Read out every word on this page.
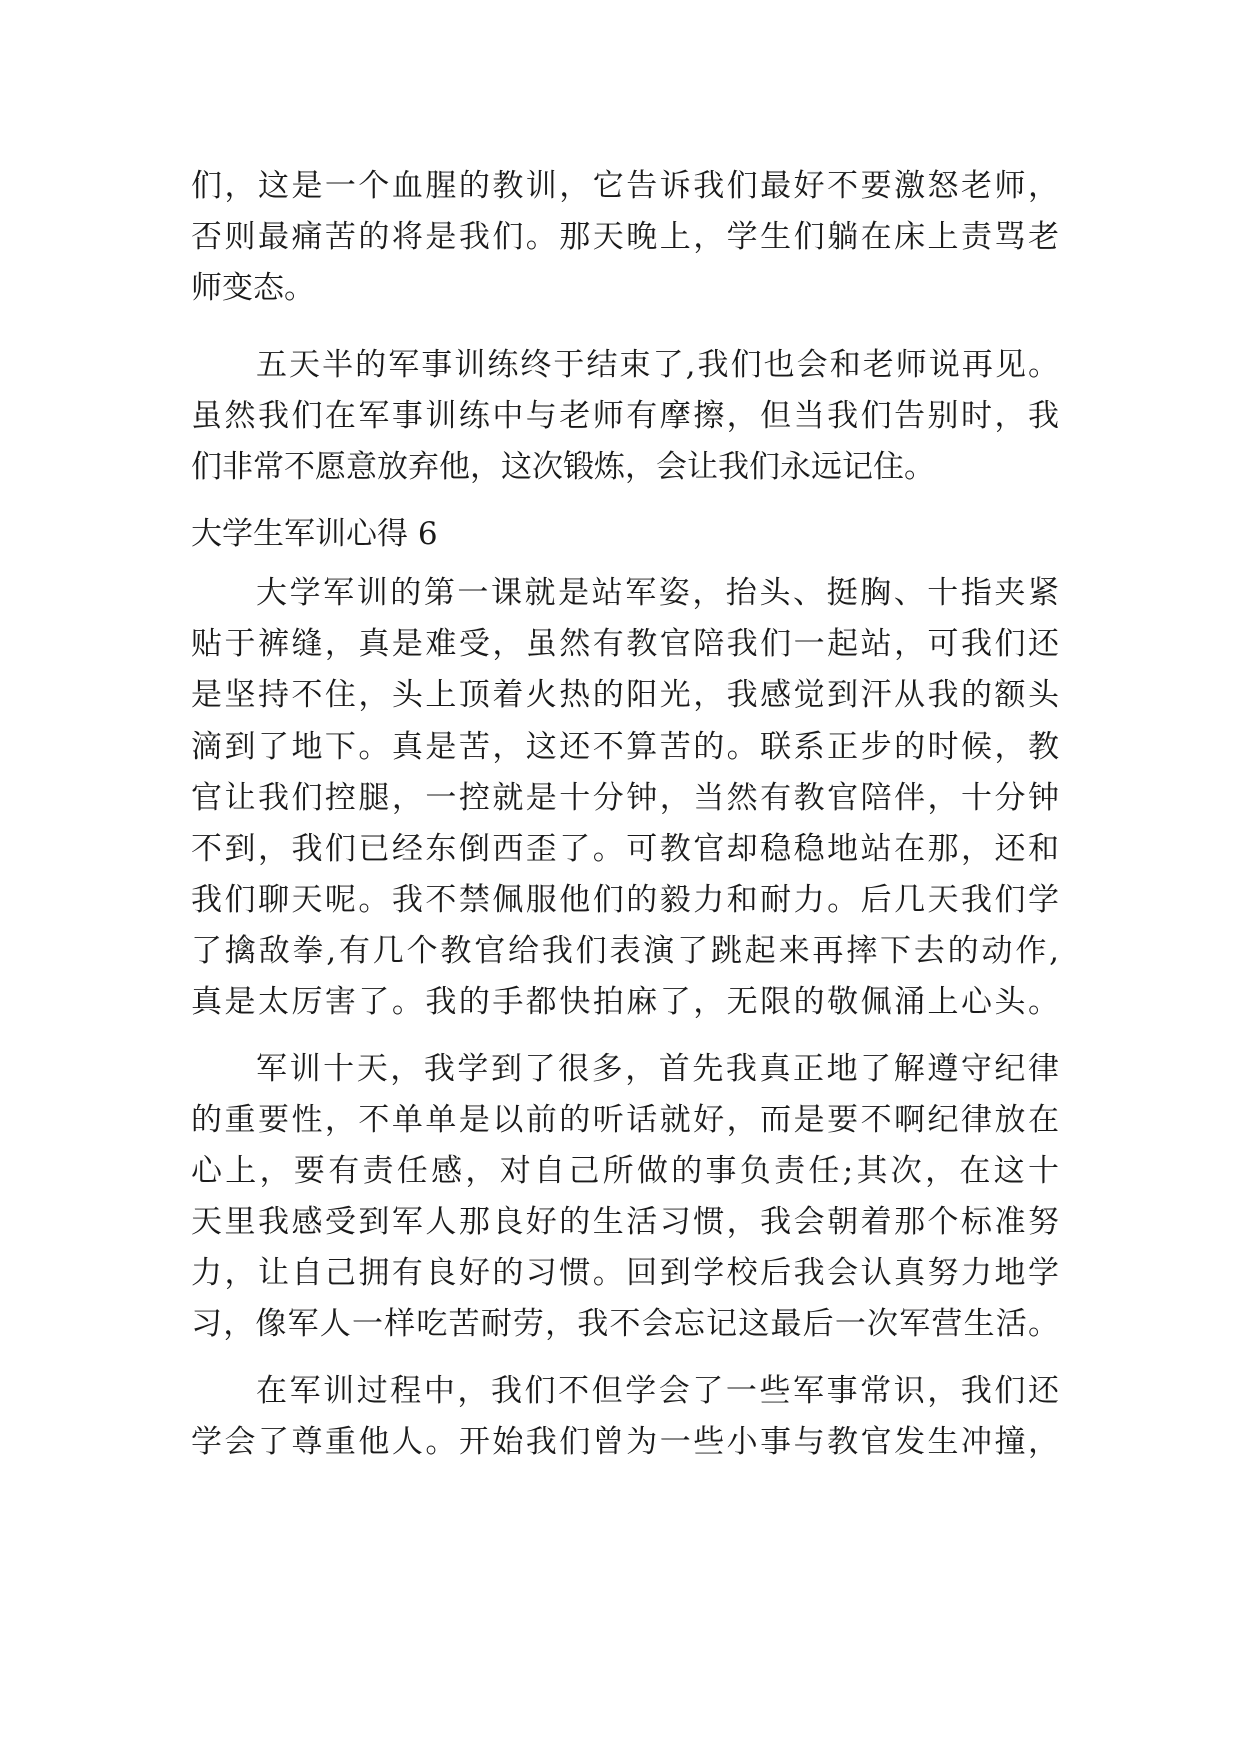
们，这是一个血腥的教训，它告诉我们最好不要激怒老师，
否则最痛苦的将是我们。那天晚上，学生们躺在床上责骂老
师变态。
五天半的军事训练终于结束了,我们也会和老师说再见。
虽然我们在军事训练中与老师有摩擦，但当我们告别时，我
们非常不愿意放弃他，这次锻炼，会让我们永远记住。
大学生军训心得 6
大学军训的第一课就是站军姿，抬头、挺胸、十指夹紧
贴于裤缝，真是难受，虽然有教官陪我们一起站，可我们还
是坚持不住，头上顶着火热的阳光，我感觉到汗从我的额头
滴到了地下。真是苦，这还不算苦的。联系正步的时候，教
官让我们控腿，一控就是十分钟，当然有教官陪伴，十分钟
不到，我们已经东倒西歪了。可教官却稳稳地站在那，还和
我们聊天呢。我不禁佩服他们的毅力和耐力。后几天我们学
了擒敌拳,有几个教官给我们表演了跳起来再摔下去的动作,
真是太厉害了。我的手都快拍麻了，无限的敬佩涌上心头。
军训十天，我学到了很多，首先我真正地了解遵守纪律
的重要性，不单单是以前的听话就好，而是要不啊纪律放在
心上，要有责任感，对自己所做的事负责任;其次，在这十
天里我感受到军人那良好的生活习惯，我会朝着那个标准努
力，让自己拥有良好的习惯。回到学校后我会认真努力地学
习，像军人一样吃苦耐劳，我不会忘记这最后一次军营生活。
在军训过程中，我们不但学会了一些军事常识，我们还
学会了尊重他人。开始我们曾为一些小事与教官发生冲撞，
